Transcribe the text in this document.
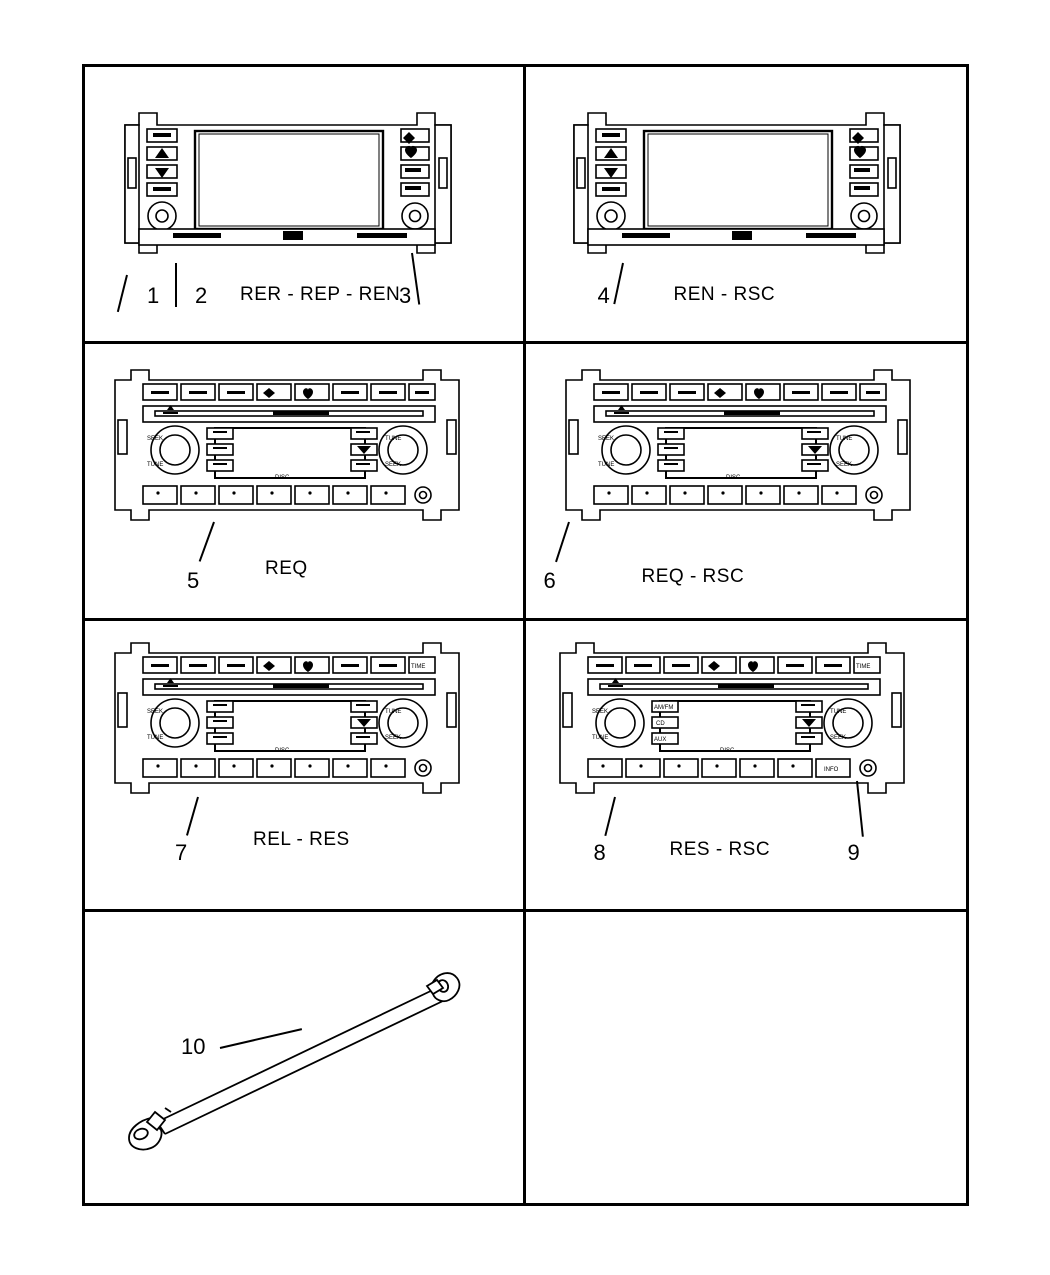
1 2	3
RER - REP - REN	4	REN - RSC
SEEK
TUNE
TUNE
SEEK
DISC
5	REQ
SEEK
TUNE
TUNE
SEEK
DISC
6	REQ - RSC
TIME
SEEK
TUNE
TUNE
SEEK
DISC
7
REL - RES
TIME
AM/FM
CD
AUX
INFO
SEEK
TUNE
TUNE
SEEK
DISC
8	9
RES - RSC
10
